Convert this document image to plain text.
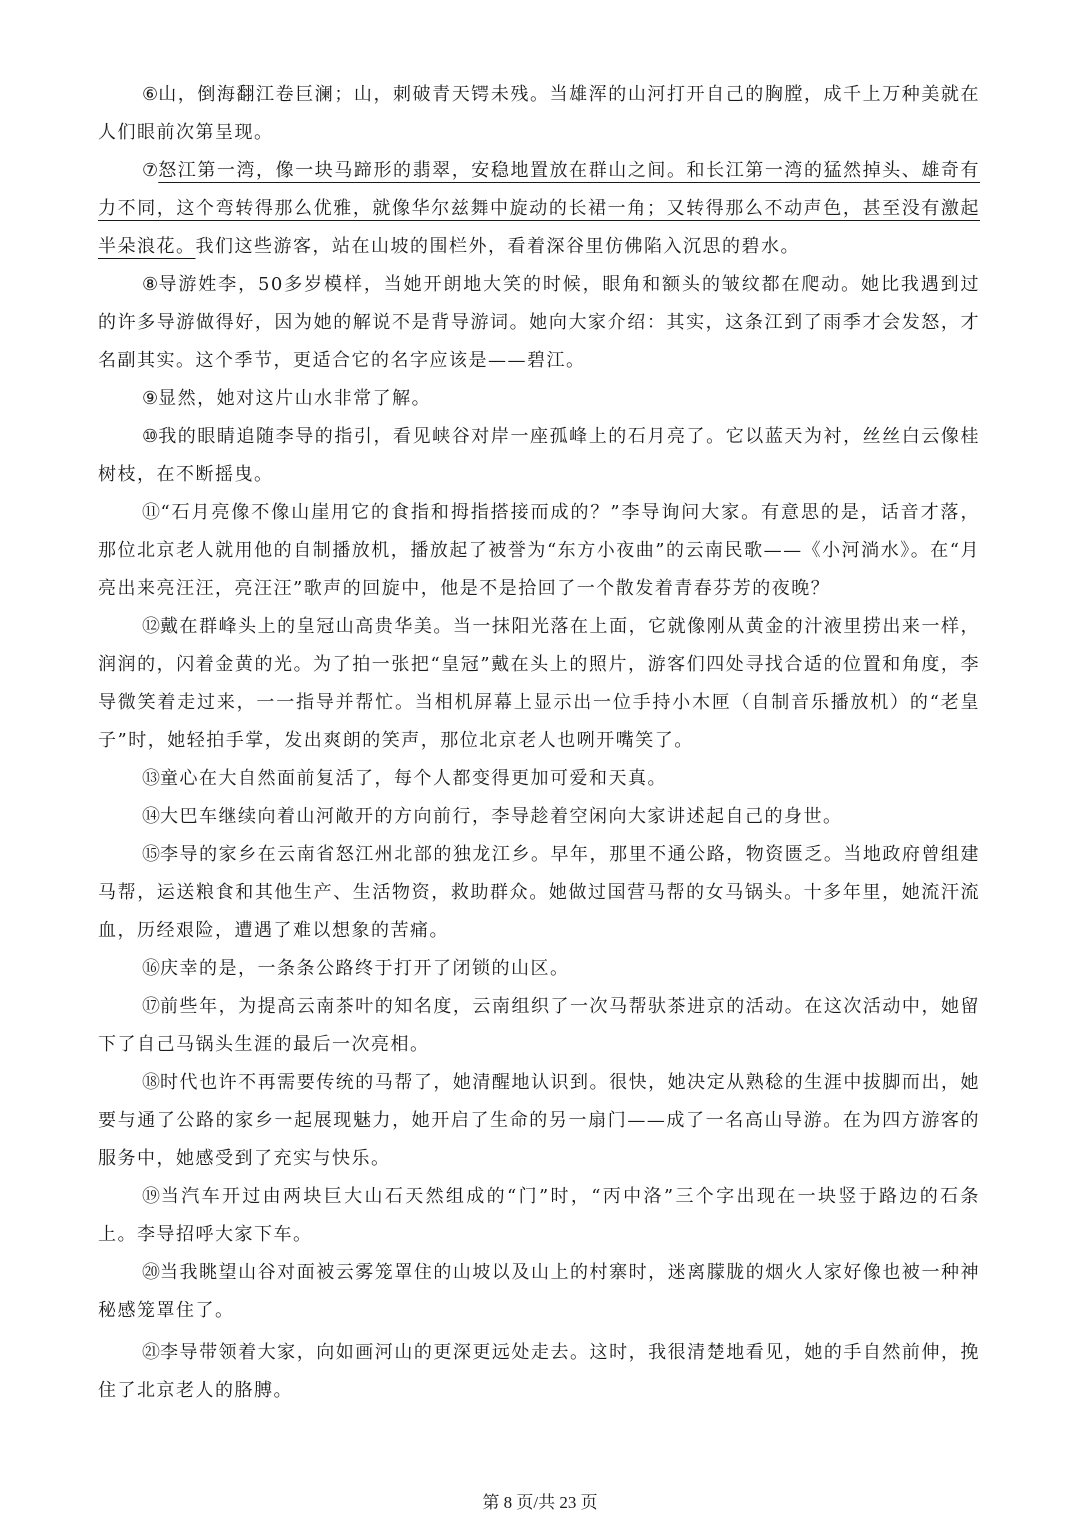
⑥山，倒海翻江卷巨澜；山，刺破青天锷未残。当雄浑的山河打开自己的胸膛，成千上万种美就在人们眼前次第呈现。

⑦怒江第一湾，像一块马蹄形的翡翠，安稳地置放在群山之间。和长江第一湾的猛然掉头、雄奇有力不同，这个弯转得那么优雅，就像华尔兹舞中旋动的长裙一角；又转得那么不动声色，甚至没有激起半朵浪花。我们这些游客，站在山坡的围栏外，看着深谷里仿佛陷入沉思的碧水。

⑧导游姓李，50多岁模样，当她开朗地大笑的时候，眼角和额头的皱纹都在爬动。她比我遇到过的许多导游做得好，因为她的解说不是背导游词。她向大家介绍：其实，这条江到了雨季才会发怒，才名副其实。这个季节，更适合它的名字应该是——碧江。

⑨显然，她对这片山水非常了解。

⑩我的眼睛追随李导的指引，看见峡谷对岸一座孤峰上的石月亮了。它以蓝天为衬，丝丝白云像桂树枝，在不断摇曳。

⑪“石月亮像不像山崖用它的食指和拇指搭接而成的？”李导询问大家。有意思的是，话音才落，那位北京老人就用他的自制播放机，播放起了被誉为“东方小夜曲”的云南民歌——《小河淌水》。在“月亮出来亮汪汪，亮汪汪”歌声的回旋中，他是不是拾回了一个散发着青春芬芳的夜晚？

⑫戴在群峰头上的皇冠山高贵华美。当一抹阳光落在上面，它就像刚从黄金的汁液里捞出来一样，润润的，闪着金黄的光。为了拍一张把“皇冠”戴在头上的照片，游客们四处寻找合适的位置和角度，李导微笑着走过来，一一指导并帮忙。当相机屏幕上显示出一位手持小木匣（自制音乐播放机）的“老皇子”时，她轻拍手掌，发出爽朗的笑声，那位北京老人也咧开嘴笑了。

⑬童心在大自然面前复活了，每个人都变得更加可爱和天真。

⑭大巴车继续向着山河敞开的方向前行，李导趁着空闲向大家讲述起自己的身世。

⑮李导的家乡在云南省怒江州北部的独龙江乡。早年，那里不通公路，物资匮乏。当地政府曾组建马帮，运送粮食和其他生产、生活物资，救助群众。她做过国营马帮的女马锅头。十多年里，她流汗流血，历经艰险，遭遇了难以想象的苦痛。

⑯庆幸的是，一条条公路终于打开了闭锁的山区。

⑰前些年，为提高云南茶叶的知名度，云南组织了一次马帮驮茶进京的活动。在这次活动中，她留下了自己马锅头生涯的最后一次亮相。

⑱时代也许不再需要传统的马帮了，她清醒地认识到。很快，她决定从熟稔的生涯中拔脚而出，她要与通了公路的家乡一起展现魅力，她开启了生命的另一扇门——成了一名高山导游。在为四方游客的服务中，她感受到了充实与快乐。

⑲当汽车开过由两块巨大山石天然组成的“门”时，“丙中洛”三个字出现在一块竖于路边的石条上。李导招呼大家下车。

⑳当我眺望山谷对面被云雾笼罩住的山坡以及山上的村寨时，迷离朦胧的烟火人家好像也被一种神秘感笼罩住了。

㉑李导带领着大家，向如画河山的更深更远处走去。这时，我很清楚地看见，她的手自然前伸，挽住了北京老人的胳膊。

第 8 页/共 23 页
